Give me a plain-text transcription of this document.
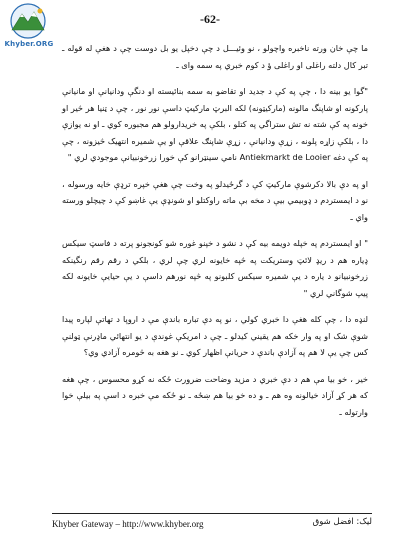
Khyber.ORG
-62-

ما چې خان ورته ناخبره واچولو ، نو وئيـــل د چې دخپل يو بل دوست چې د هغې له قوله ـ تبر کال دلته راغلی او راغلی ؤ د کوم خبري په سمه وای ـ

"گوا يو بينه دا ، چې په کې د جديد او تقاضو به سمه بنائيسته او دنگې ودانيانې او مانيانې پارکونه او شاپنگ مالونه (مارکيټونه) لکه البرټ مارکيټ داسې نور نور ، چې د ټنيا هر څير او خونه په کې شته نه تش ستراگي په کتلو ، بلکې په خريدارولو هم مجبوره کوي ـ او نه يوازې دا ، بلکې زاړه پلونه ، زړې ودانيانې ، زړې شاپنګ علاقې او يې شميره انتهيک څيزونه ، چې په کې دغه Antiekmarkt de Looier نامي سينټرانو کې خورا زرخونبيانې موجودي لري "

او په دې بالا دکرشوې مارکيټ کې د گرځيدلو په وخت چې هغې خپره ترډې خايه ورسوله ، نو د ايمستردم د ډوبيمي بيې د مخه بې ماته راوکتلو او شونډې يې غاښو کې د چيچلو ورسته واي ـ

" او ايمستردم په خپله دويمه بيه کې د نشو د خپنو غوره شو کونجونو پرته د فاسټ سيکس ډياره هم د ريډ لائټ وستريکت په څپه خايونه لري چې لري ، بلکي د رقم رقم رنگينکه زرخونبيانو د ياره د يې شميره سيکس کلبونو په څپه نورهم داسې د يې حيايې خايونه لکه پيپ شوگاني لري "

لنډه دا ، چې کله هغې دا خبري کولي ، نو په دې تباره باندې مې د اروپا د تهاتې لپاره پيدا شوې شک او په وار خکه هم يقيني کيدلو ـ چې د امريکې غوندې د يو انتهائي ماډرنې ټولنې کس چې يې لا هم په آزادې باندې د حريانې اظهار کوي ـ نو هغه به څومره آزادي وي؟

خير ، خو بيا مې هم د دې خبري د مزيد وضاحت ضرورت ځکه نه کړو محسوس ، چې هغه که هر کړ آزاد خيالونه وه هم ـ و ده خو بيا هم ښځه ـ نو ځکه مې خبره د اسې په بيلې خوا وارتوله ـ

Khyber Gateway – http://www.khyber.org	ليک: افضل شوق
